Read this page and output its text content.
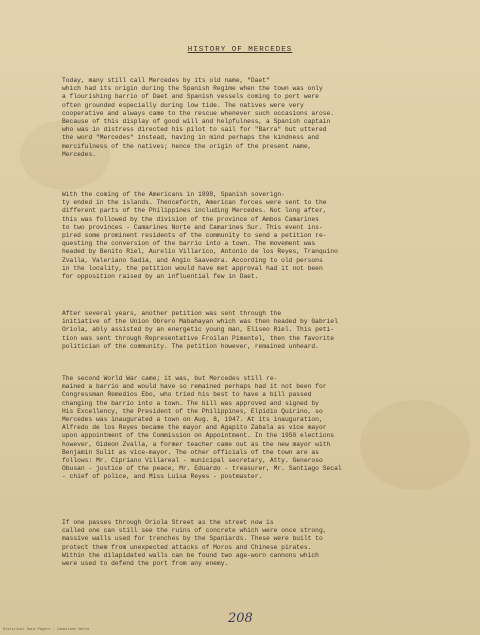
HISTORY OF MERCEDES

Today, many still call Mercedes by its old name, "Daet"
which had its origin during the Spanish Regime when the town was only
a flourishing barrio of Daet and Spanish vessels coming to port were
often grounded especially during low tide. The natives were very
cooperative and always came to the rescue whenever such occasions arose.
Because of this display of good will and helpfulness, a Spanish captain
who was in distress directed his pilot to sail for "Barra" but uttered
the word "Mercedes" instead, having in mind perhaps the kindness and
mercifulness of the natives; hence the origin of the present name,
Mercedes.

With the coming of the Americans in 1898, Spanish soverign-
ty ended in the islands. Thenceforth, American forces were sent to the
different parts of the Philippines including Mercedes. Not long after,
this was followed by the division of the province of Ambos Camarines
to two provinces - Camarines Norte and Camarines Sur. This event ins-
pired some prominent residents of the community to send a petition re-
questing the conversion of the barrio into a town. The movement was
headed by Benito Riel, Aurelio Villarico, Antonio de los Reyes, Tranquino
Zvalla, Valeriano Sadia, and Angio Saavedra. According to old persons
in the locality, the petition would have met approval had it not been
for opposition raised by an influential few in Daet.

After several years, another petition was sent through the
initiative of the Union Obrero Mabahayan which was then headed by Gabriel
Oriola, ably assisted by an energetic young man, Eliseo Riel. This peti-
tion was sent through Representative Froilan Pimentel, then the favorite
politician of the community. The petition however, remained unheard.

The second World War came; it was, but Mercedes still re-
mained a barrio and would have so remained perhaps had it not been for
Congressman Remedios Ebo, who tried his best to have a bill passed
changing the barrio into a town. The bill was approved and signed by
His Excellency, the President of the Philippines, Elpidio Quirino, so
Mercedes was inaugurated a town on Aug. 8, 1947. At its inauguration,
Alfredo de los Reyes became the mayor and Agapito Zabala as vice mayor
upon appointment of the Commission on Appointment. In the 1950 elections
however, Gideon Zvalla, a former teacher came out as the new mayor with
Benjamin Sulit as vice-mayor. The other officials of the town are as
follows: Mr. Cipriano Villareal - municipal secretary, Atty. Generoso
Obusan - justice of the peace, Mr. Eduardo - treasurer, Mr. Santiago Secal
- chief of police, and Miss Luisa Reyes - postmaster.

If one passes through Oriola Street as the street now is
called one can still see the ruins of concrete which were once strong,
massive walls used for trenches by the Spaniards. These were built to
protect them from unexpected attacks of Moros and Chinese pirates.
Within the dilapidated walls can be found two age-worn cannons which
were used to defend the port from any enemy.

208
Historical Data Papers - Camarines Norte
